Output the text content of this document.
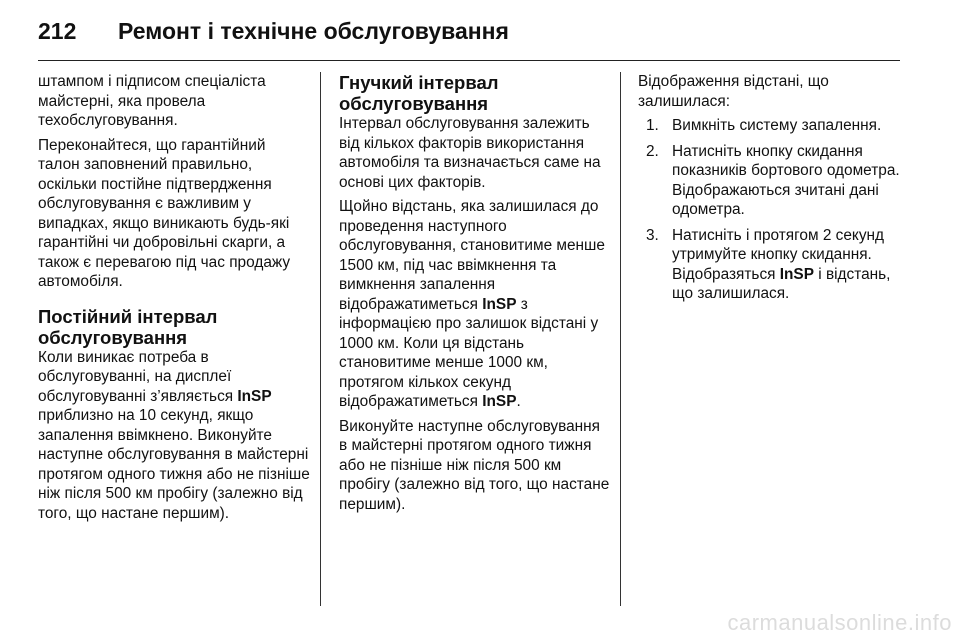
212 Ремонт і технічне обслуговування

штампом і підписом спеціаліста майстерні, яка провела техобслуговування.

Переконайтеся, що гарантійний талон заповнений правильно, оскільки постійне підтвердження обслуговування є важливим у випадках, якщо виникають будь-які гарантійні чи добровільні скарги, а також є перевагою під час продажу автомобіля.

Постійний інтервал обслуговування

Коли виникає потреба в обслуговуванні, на дисплеї обслуговуванні з’являється InSP приблизно на 10 секунд, якщо запалення ввімкнено. Виконуйте наступне обслуговування в майстерні протягом одного тижня або не пізніше ніж після 500 км пробігу (залежно від того, що настане першим).

Гнучкий інтервал обслуговування

Інтервал обслуговування залежить від кількох факторів використання автомобіля та визначається саме на основі цих факторів.

Щойно відстань, яка залишилася до проведення наступного обслуговування, становитиме менше 1500 км, під час ввімкнення та вимкнення запалення відображатиметься InSP з інформацією про залишок відстані у 1000 км. Коли ця відстань становитиме менше 1000 км, протягом кількох секунд відображатиметься InSP.

Виконуйте наступне обслуговування в майстерні протягом одного тижня або не пізніше ніж після 500 км пробігу (залежно від того, що настане першим).

Відображення відстані, що залишилася:

1. Вимкніть систему запалення.
2. Натисніть кнопку скидання показників бортового одометра. Відображаються зчитані дані одометра.
3. Натисніть і протягом 2 секунд утримуйте кнопку скидання. Відобразяться InSP і відстань, що залишилася.
carmanualsonline.info
